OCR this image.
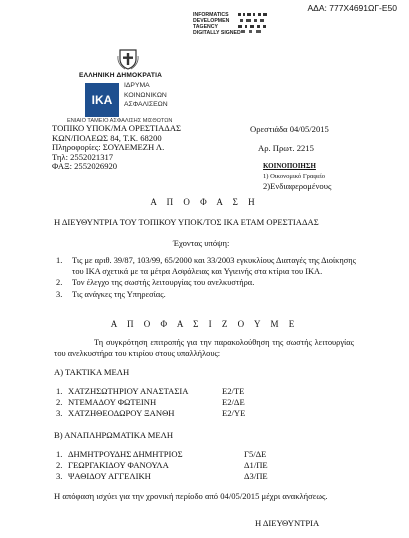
ΑΔΑ: 777Χ4691ΩΓ-Ε50
INFORMATICS
DEVELOPMEN
TAGENCY
DIGITALLY SIGNED
ΕΛΛΗΝΙΚΗ ΔΗΜΟΚΡΑΤΙΑ
ΙΚΑ
ΙΔΡΥΜΑ
ΚΟΙΝΩΝΙΚΩΝ
ΑΣΦΑΛΙΣΕΩΝ
ΕΝΙΑΙΟ ΤΑΜΕΙΟ ΑΣΦΑΛΙΣΗΣ ΜΙΣΘΩΤΩΝ
ΤΟΠΙΚΟ ΥΠΟΚ/ΜΑ ΟΡΕΣΤΙΑΔΑΣ
ΚΩΝ/ΠΟΛΕΩΣ 84, Τ.Κ. 68200
Πληροφορίες: ΣΟΥΛΕΜΕΖΗ Λ.
Τηλ: 2552021317
ΦΑΞ: 2552026920
Ορεστιάδα 04/05/2015
Αρ. Πρωτ. 2215
ΚΟΙΝΟΠΟΙΗΣΗ
1) Οικονομικό Γραφείο
2)Ενδιαφερομένους
Α Π Ο Φ Α Σ Η
Η ΔΙΕΥΘΥΝΤΡΙΑ ΤΟΥ ΤΟΠΙΚΟΥ ΥΠΟΚ/ΤΟΣ ΙΚΑ ΕΤΑΜ ΟΡΕΣΤΙΑΔΑΣ
Έχοντας υπόψη:
1.	Τις με αριθ. 39/87, 103/99, 65/2000 και 33/2003 εγκυκλίους Διαταγές της Διοίκησης του ΙΚΑ σχετικά με τα μέτρα Ασφάλειας και Υγιεινής στα κτίρια του ΙΚΑ.
2.	Τον έλεγχο της σωστής λειτουργίας του ανελκυστήρα.
3.	Τις ανάγκες της Υπηρεσίας.
Α Π Ο Φ Α Σ Ι Ζ Ο Υ Μ Ε
Τη συγκρότηση επιτροπής για την παρακολούθηση της σωστής λειτουργίας του ανελκυστήρα του κτιρίου στους υπαλλήλους:
Α) ΤΑΚΤΙΚΑ ΜΕΛΗ
1. ΧΑΤΖΗΣΩΤΗΡΙΟΥ ΑΝΑΣΤΑΣΙΑ	Ε2/ΤΕ
2. ΝΤΕΜΑΔΟΥ ΦΩΤΕΙΝΗ	Ε2/ΔΕ
3. ΧΑΤΖΗΘΕΟΔΩΡΟΥ ΞΑΝΘΗ	Ε2/ΥΕ
Β) ΑΝΑΠΛΗΡΩΜΑΤΙΚΑ ΜΕΛΗ
1. ΔΗΜΗΤΡΟΥΔΗΣ ΔΗΜΗΤΡΙΟΣ	Γ5/ΔΕ
2. ΓΕΩΡΓΑΚΙΔΟΥ ΦΑΝΟΥΛΑ	Δ1/ΠΕ
3. ΨΑΘΙΔΟΥ ΑΓΓΕΛΙΚΗ	Δ3/ΠΕ
Η απόφαση ισχύει για την χρονική περίοδο από 04/05/2015 μέχρι ανακλήσεως.
Η ΔΙΕΥΘΥΝΤΡΙΑ
